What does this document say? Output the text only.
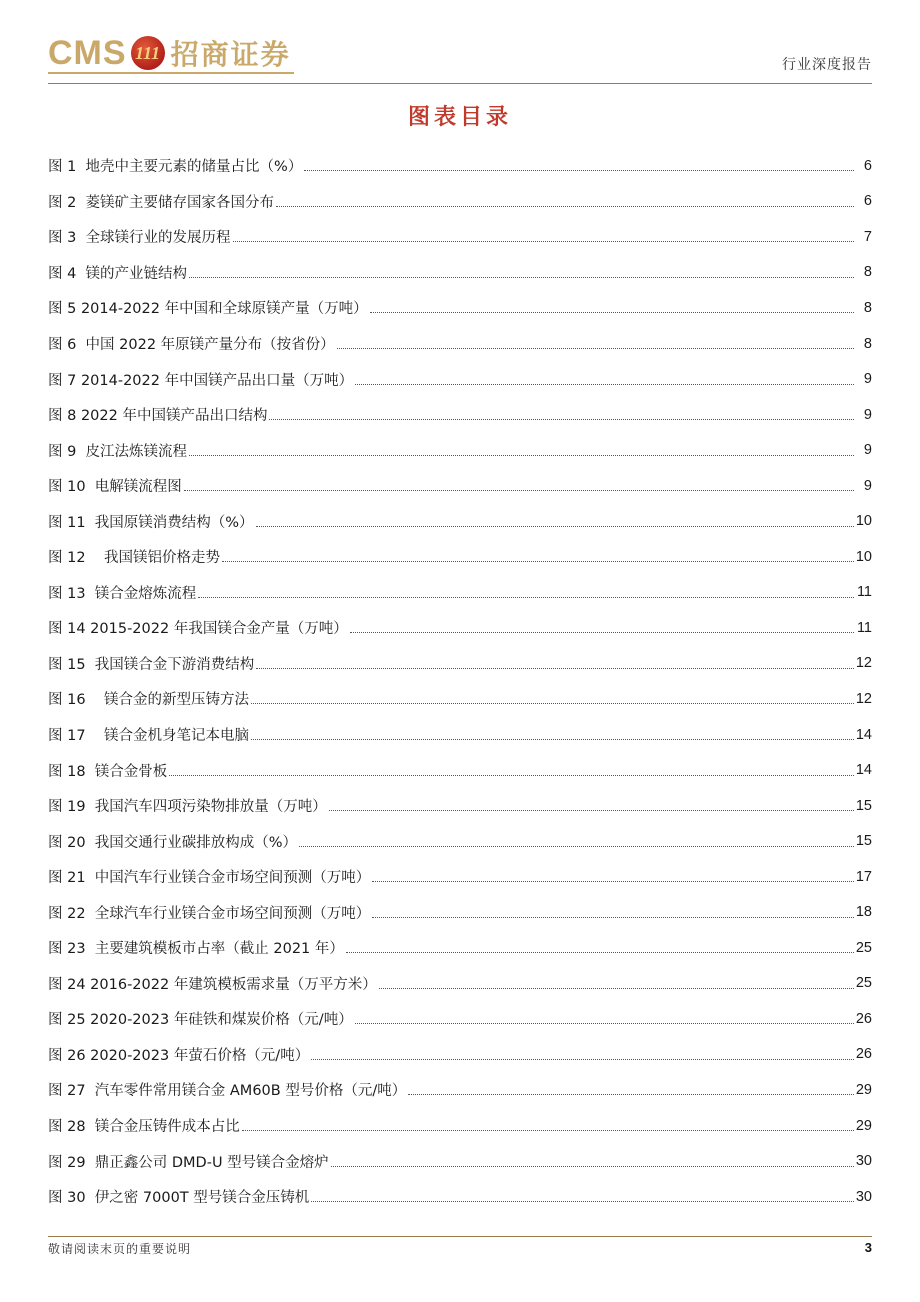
CMS 111 招商证券	行业深度报告
图表目录
图 1  地壳中主要元素的储量占比（%）	6
图 2  菱镁矿主要储存国家各国分布	6
图 3  全球镁行业的发展历程	7
图 4  镁的产业链结构	8
图 5 2014-2022 年中国和全球原镁产量（万吨）	8
图 6  中国 2022 年原镁产量分布（按省份）	8
图 7 2014-2022 年中国镁产品出口量（万吨）	9
图 8 2022 年中国镁产品出口结构	9
图 9  皮江法炼镁流程	9
图 10  电解镁流程图	9
图 11  我国原镁消费结构（%）	10
图 12    我国镁铝价格走势	10
图 13  镁合金熔炼流程	11
图 14 2015-2022 年我国镁合金产量（万吨）	11
图 15  我国镁合金下游消费结构	12
图 16    镁合金的新型压铸方法	12
图 17    镁合金机身笔记本电脑	14
图 18  镁合金骨板	14
图 19  我国汽车四项污染物排放量（万吨）	15
图 20  我国交通行业碳排放构成（%）	15
图 21  中国汽车行业镁合金市场空间预测（万吨）	17
图 22  全球汽车行业镁合金市场空间预测（万吨）	18
图 23  主要建筑模板市占率（截止 2021 年）	25
图 24 2016-2022 年建筑模板需求量（万平方米）	25
图 25 2020-2023 年硅铁和煤炭价格（元/吨）	26
图 26 2020-2023 年萤石价格（元/吨）	26
图 27  汽车零件常用镁合金 AM60B 型号价格（元/吨）	29
图 28  镁合金压铸件成本占比	29
图 29  鼎正鑫公司 DMD-U 型号镁合金熔炉	30
图 30  伊之密 7000T 型号镁合金压铸机	30
敬请阅读末页的重要说明	3
